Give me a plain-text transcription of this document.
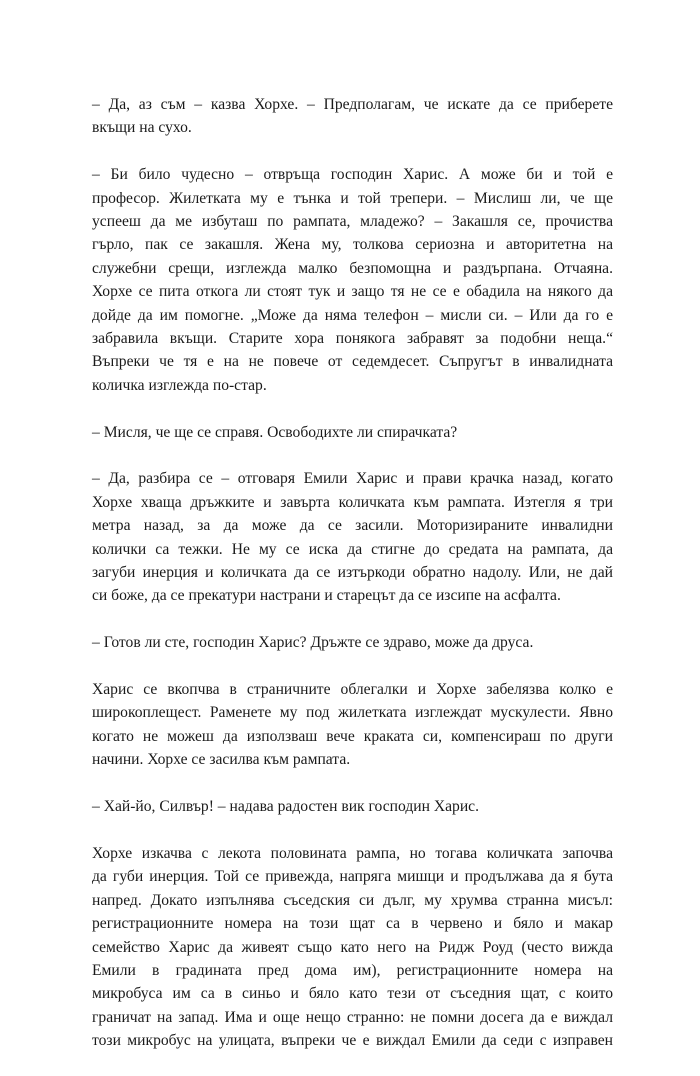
– Да, аз съм – казва Хорхе. – Предполагам, че искате да се приберете
вкъщи на сухо.
– Би било чудесно – отвръща господин Харис. А може би и той е
професор. Жилетката му е тънка и той трепери. – Мислиш ли, че ще
успееш да ме избуташ по рампата, младежо? – Закашля се, прочиства
гърло, пак се закашля. Жена му, толкова сериозна и авторитетна на
служебни срещи, изглежда малко безпомощна и раздърпана. Отчаяна.
Хорхе се пита откога ли стоят тук и защо тя не се е обадила на някого да
дойде да им помогне. „Може да няма телефон – мисли си. – Или да го е
забравила вкъщи. Старите хора понякога забравят за подобни неща.“
Въпреки че тя е на не повече от седемдесет. Съпругът в инвалидната
количка изглежда по-стар.
– Мисля, че ще се справя. Освободихте ли спирачката?
– Да, разбира се – отговаря Емили Харис и прави крачка назад, когато
Хорхе хваща дръжките и завърта количката към рампата. Изтегля я три
метра назад, за да може да се засили. Моторизираните инвалидни
колички са тежки. Не му се иска да стигне до средата на рампата, да
загуби инерция и количката да се изтъркоди обратно надолу. Или, не дай
си боже, да се прекатури настрани и старецът да се изсипе на асфалта.
– Готов ли сте, господин Харис? Дръжте се здраво, може да друса.
Харис се вкопчва в страничните облегалки и Хорхе забелязва колко е
широкоплещест. Раменете му под жилетката изглеждат мускулести. Явно
когато не можеш да използваш вече краката си, компенсираш по други
начини. Хорхе се засилва към рампата.
– Хай-йо, Силвър! – надава радостен вик господин Харис.
Хорхе изкачва с лекота половината рампа, но тогава количката започва
да губи инерция. Той се привежда, напряга мишци и продължава да я бута
напред. Докато изпълнява съседския си дълг, му хрумва странна мисъл:
регистрационните номера на този щат са в червено и бяло и макар
семейство Харис да живеят също като него на Ридж Роуд (често вижда
Емили в градината пред дома им), регистрационните номера на
микробуса им са в синьо и бяло като тези от съседния щат, с които
граничат на запад. Има и още нещо странно: не помни досега да е виждал
този микробус на улицата, въпреки че е виждал Емили да седи с изправен
